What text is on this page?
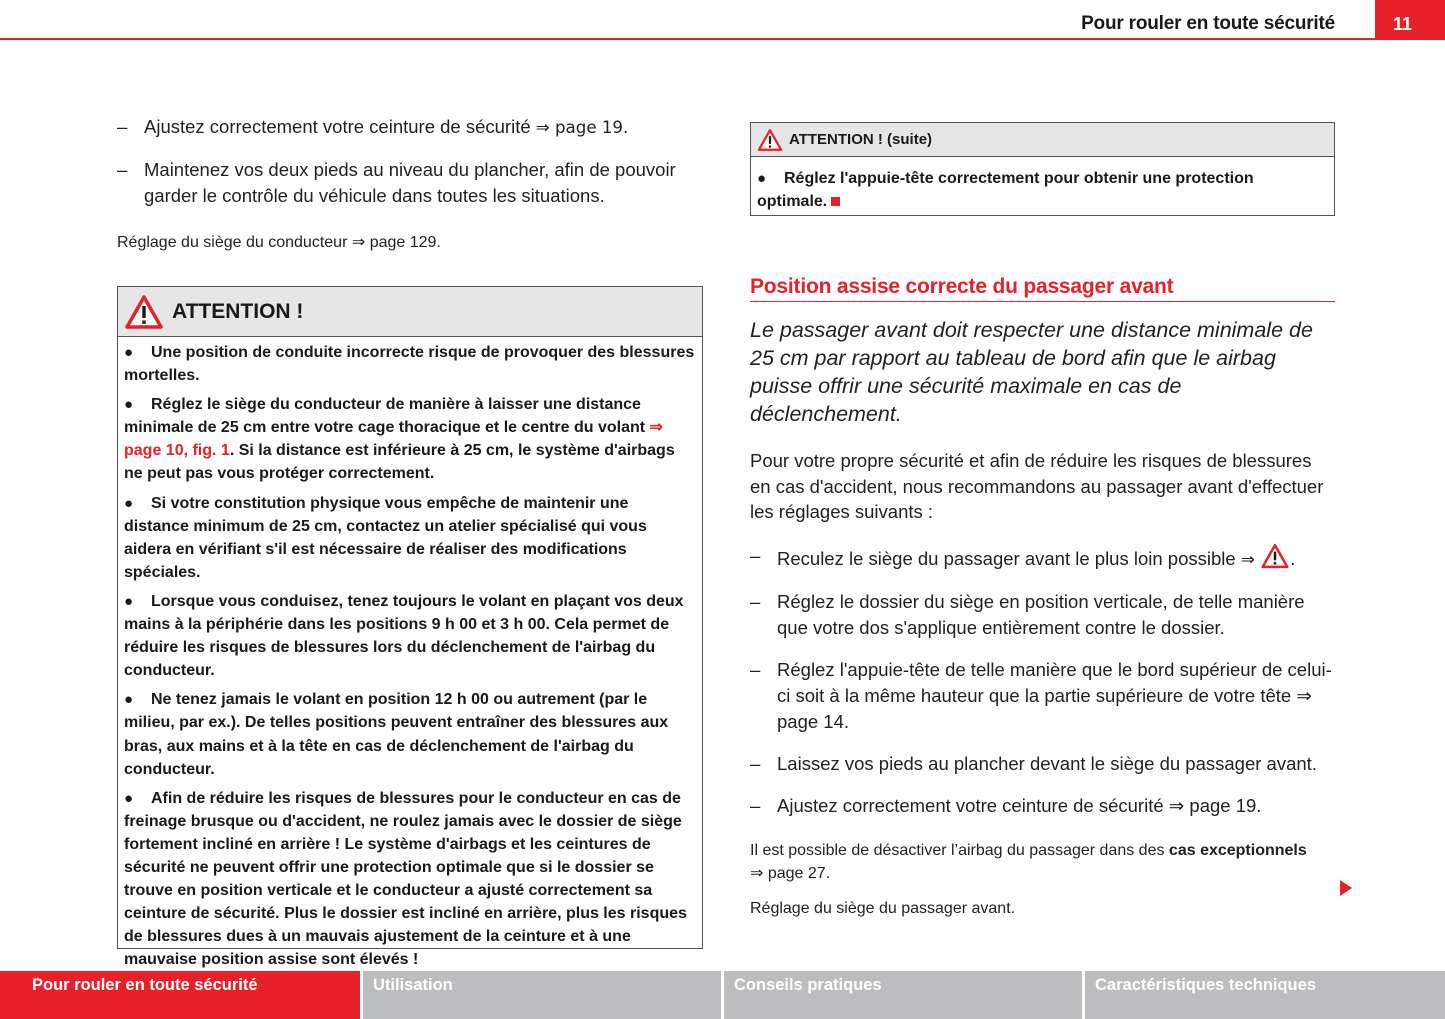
Pour rouler en toute sécurité	11
– Ajustez correctement votre ceinture de sécurité ⇒ page 19.
– Maintenez vos deux pieds au niveau du plancher, afin de pouvoir garder le contrôle du véhicule dans toutes les situations.
Réglage du siège du conducteur ⇒ page 129.
ATTENTION !
● Une position de conduite incorrecte risque de provoquer des blessures mortelles.
● Réglez le siège du conducteur de manière à laisser une distance minimale de 25 cm entre votre cage thoracique et le centre du volant ⇒ page 10, fig. 1. Si la distance est inférieure à 25 cm, le système d'airbags ne peut pas vous protéger correctement.
● Si votre constitution physique vous empêche de maintenir une distance minimum de 25 cm, contactez un atelier spécialisé qui vous aidera en vérifiant s'il est nécessaire de réaliser des modifications spéciales.
● Lorsque vous conduisez, tenez toujours le volant en plaçant vos deux mains à la périphérie dans les positions 9 h 00 et 3 h 00. Cela permet de réduire les risques de blessures lors du déclenchement de l'airbag du conducteur.
● Ne tenez jamais le volant en position 12 h 00 ou autrement (par le milieu, par ex.). De telles positions peuvent entraîner des blessures aux bras, aux mains et à la tête en cas de déclenchement de l'airbag du conducteur.
● Afin de réduire les risques de blessures pour le conducteur en cas de freinage brusque ou d'accident, ne roulez jamais avec le dossier de siège fortement incliné en arrière ! Le système d'airbags et les ceintures de sécurité ne peuvent offrir une protection optimale que si le dossier se trouve en position verticale et le conducteur a ajusté correctement sa ceinture de sécurité. Plus le dossier est incliné en arrière, plus les risques de blessures dues à un mauvais ajustement de la ceinture et à une mauvaise position assise sont élevés !
ATTENTION ! (suite)
● Réglez l'appuie-tête correctement pour obtenir une protection optimale.
Position assise correcte du passager avant
Le passager avant doit respecter une distance minimale de 25 cm par rapport au tableau de bord afin que le airbag puisse offrir une sécurité maximale en cas de déclenchement.
Pour votre propre sécurité et afin de réduire les risques de blessures en cas d'accident, nous recommandons au passager avant d'effectuer les réglages suivants :
– Reculez le siège du passager avant le plus loin possible ⇒ .
– Réglez le dossier du siège en position verticale, de telle manière que votre dos s'applique entièrement contre le dossier.
– Réglez l'appuie-tête de telle manière que le bord supérieur de celui-ci soit à la même hauteur que la partie supérieure de votre tête ⇒ page 14.
– Laissez vos pieds au plancher devant le siège du passager avant.
– Ajustez correctement votre ceinture de sécurité ⇒ page 19.
Il est possible de désactiver l’airbag du passager dans des cas exceptionnels
⇒ page 27.
Réglage du siège du passager avant.
Pour rouler en toute sécurité	Utilisation	Conseils pratiques	Caractéristiques techniques
